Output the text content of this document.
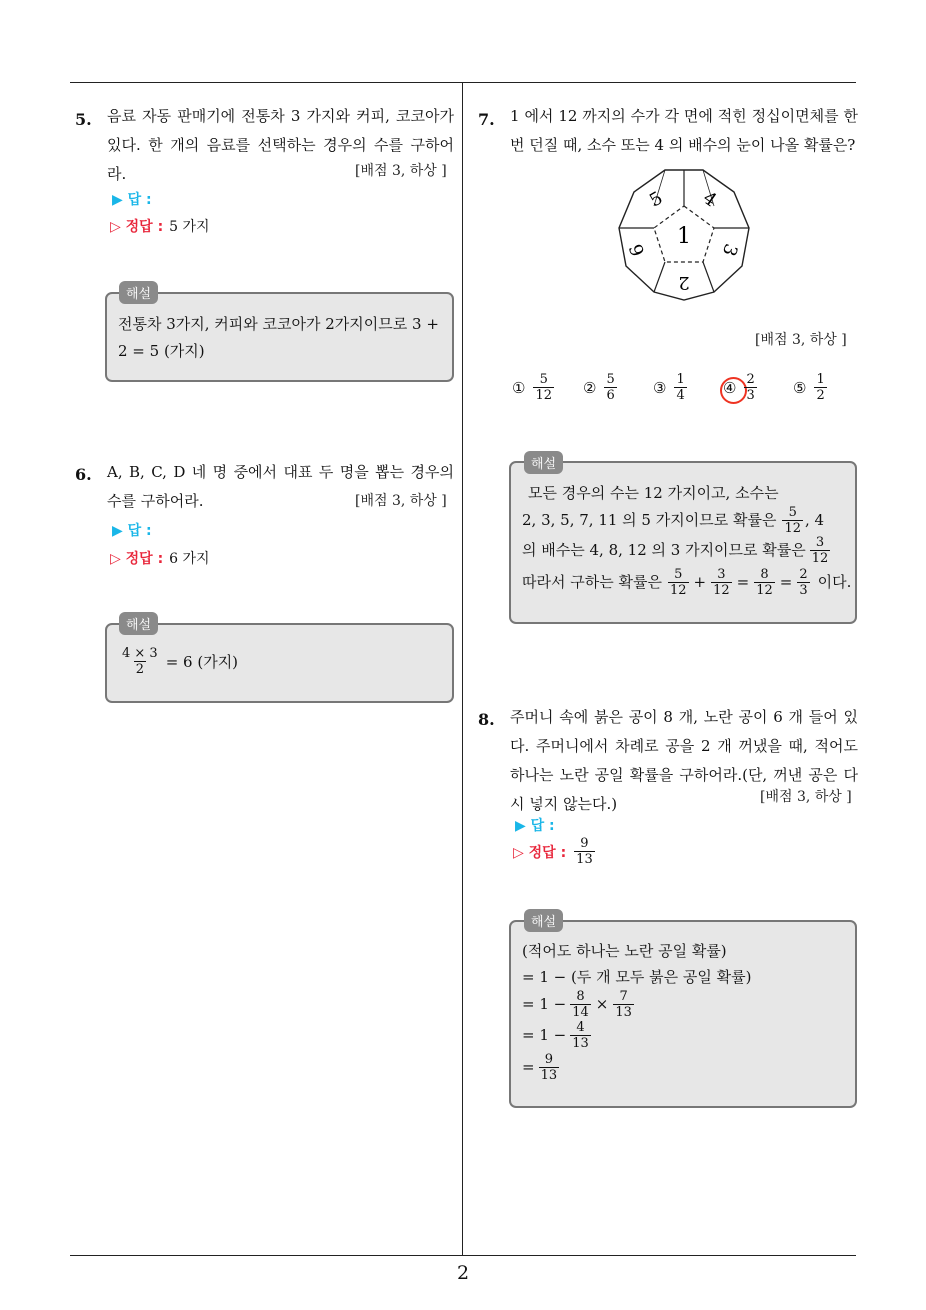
2
5. 음료 자동 판매기에 전통차 3 가지와 커피, 코코아가 있다. 한 개의 음료를 선택하는 경우의 수를 구하어라.	[배점 3, 하상 ]
▶ 답 :
▷ 정답 : 5 가지
해설
전통차 3가지, 커피와 코코아가 2가지이므로 3 +
2 = 5 (가지)
6. A, B, C, D 네 명 중에서 대표 두 명을 뽑는 경우의 수를 구하어라.	[배점 3, 하상 ]
▶ 답 :
▷ 정답 : 6 가지
해설
$\frac{4 \times 3}{2} = 6$ (가지)
7. 1 에서 12 까지의 수가 각 면에 적힌 정십이면체를 한 번 던질 때, 소수 또는 4 의 배수의 눈이 나올 확률은?
1
5 4
3
2
6
[배점 3, 하상 ]
① $\frac{5}{12}$ ② $\frac{5}{6}$ ③ $\frac{1}{4}$ ④ $\frac{2}{3}$ ⑤ $\frac{1}{2}$
해설
모든 경우의 수는 12 가지이고, 소수는
2, 3, 5, 7, 11 의 5 가지이므로 확률은 $\frac{5}{12}$ , 4
의 배수는 4, 8, 12 의 3 가지이므로 확률은 $\frac{3}{12}$
따라서 구하는 확률은 $\frac{5}{12} + \frac{3}{12} = \frac{8}{12} = \frac{2}{3}$ 이다.
8. 주머니 속에 붉은 공이 8 개, 노란 공이 6 개 들어 있다. 주머니에서 차례로 공을 2 개 꺼냈을 때, 적어도 하나는 노란 공일 확률을 구하어라.(단, 꺼낸 공은 다시 넣지 않는다.)	[배점 3, 하상 ]
▶ 답 :
▷ 정답 : $\frac{9}{13}$
해설
(적어도 하나는 노란 공일 확률)
= 1 − (두 개 모두 붉은 공일 확률)
= $1 - \frac{8}{14} \times \frac{7}{13}$
= $1 - \frac{4}{13}$
= $\frac{9}{13}$
